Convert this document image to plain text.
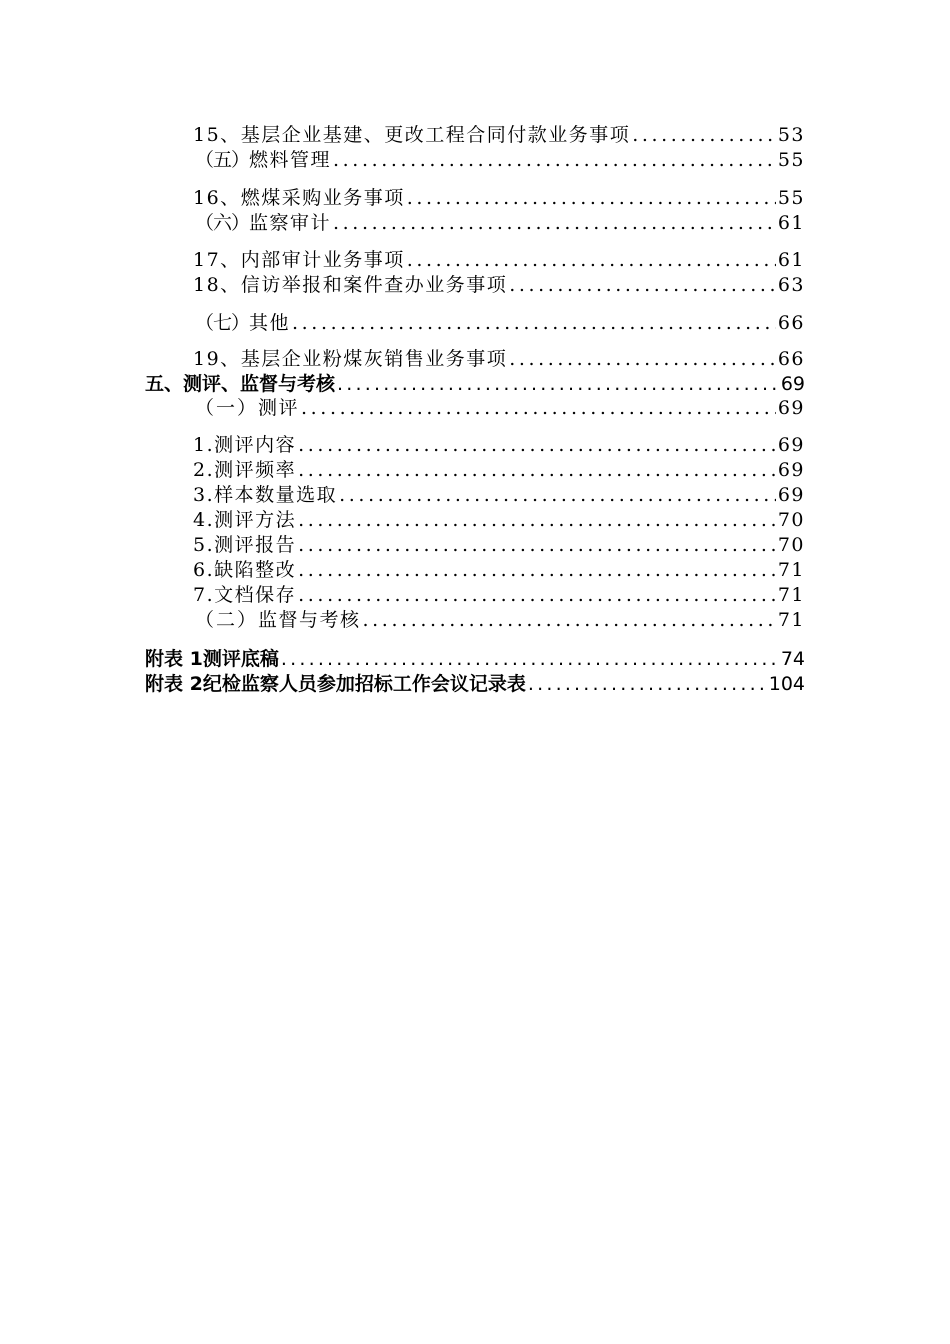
15、 基层企业基建、更改工程合同付款业务事项 .....	53
（五） 燃料管理 .....	55
16、 燃煤采购业务事项 .....	55
（六） 监察审计 .....	61
17、 内部审计业务事项 .....	61
18、 信访举报和案件查办业务事项 .....	63
（七） 其他 .....	66
19、 基层企业粉煤灰销售业务事项 .....	66
五、 测评、监督与考核 .....	69
（一） 测评 .....	69
1. 测评内容 .....	69
2. 测评频率 .....	69
3. 样本数量选取 .....	69
4. 测评方法 .....	70
5. 测评报告 .....	70
6. 缺陷整改 .....	71
7. 文档保存 .....	71
（二） 监督与考核 .....	71
附表 1 测评底稿 .....	74
附表 2 纪检监察人员参加招标工作会议记录表 .....	104
